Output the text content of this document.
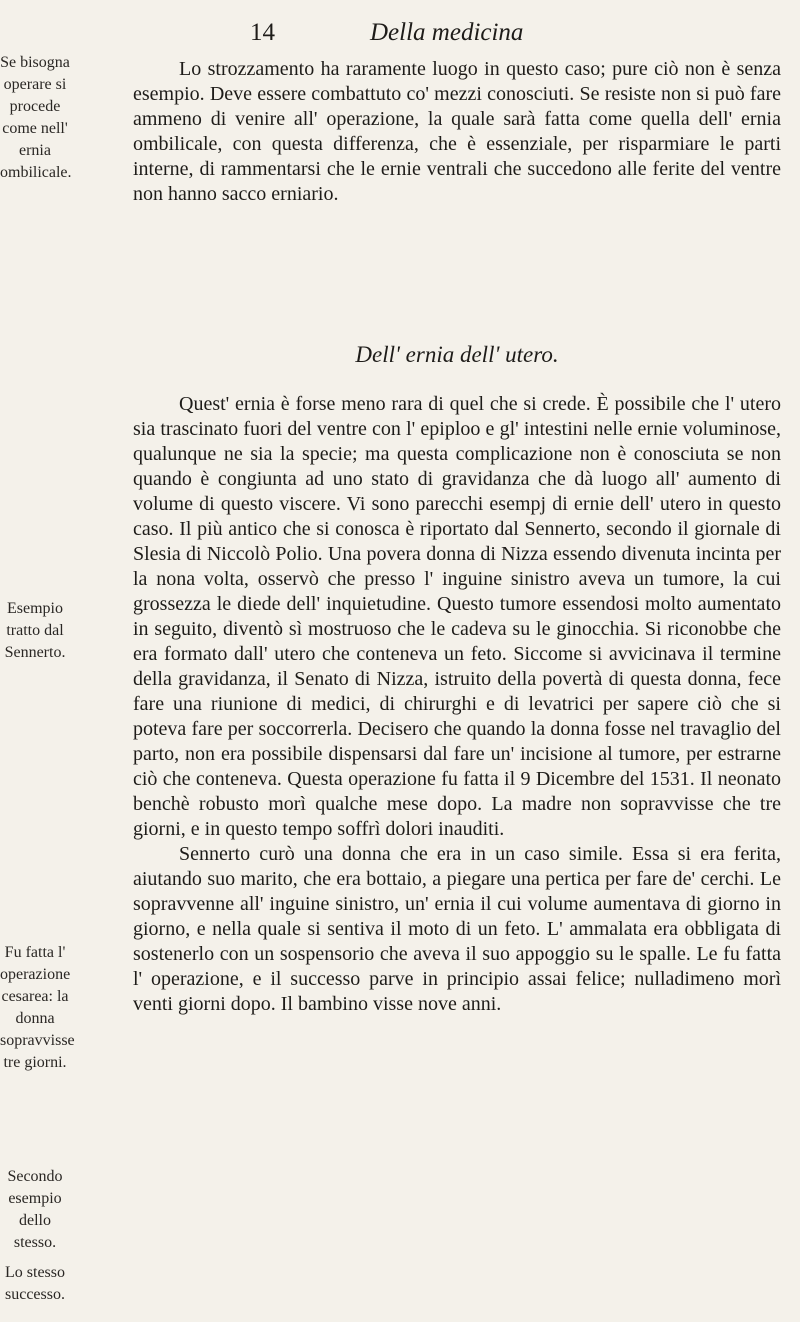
14	Della medicina
Se bisogna operare si procede come nell' ernia ombilicale.
Esempio tratto dal Sennerto.
Fu fatta l' operazione cesarea: la donna sopravvisse tre giorni.
Secondo esempio dello stesso.
Lo stesso successo.

Lo strozzamento ha raramente luogo in questo caso; pure ciò non è senza esempio. Deve essere combattuto co' mezzi conosciuti. Se resiste non si può fare ammeno di venire all' operazione, la quale sarà fatta come quella dell' ernia ombilicale, con questa differenza, che è essenziale, per risparmiare le parti interne, di rammentarsi che le ernie ventrali che succedono alle ferite del ventre non hanno sacco erniario.

Dell' ernia dell' utero.

Quest' ernia è forse meno rara di quel che si crede. È possibile che l' utero sia trascinato fuori del ventre con l' epiploo e gl' intestini nelle ernie voluminose, qualunque ne sia la specie; ma questa complicazione non è conosciuta se non quando è congiunta ad uno stato di gravidanza che dà luogo all' aumento di volume di questo viscere. Vi sono parecchi esempj di ernie dell' utero in questo caso. Il più antico che si conosca è riportato dal Sennerto, secondo il giornale di Slesia di Niccolò Polio. Una povera donna di Nizza essendo divenuta incinta per la nona volta, osservò che presso l' inguine sinistro aveva un tumore, la cui grossezza le diede dell' inquietudine. Questo tumore essendosi molto aumentato in seguito, diventò sì mostruoso che le cadeva su le ginocchia. Si riconobbe che era formato dall' utero che conteneva un feto. Siccome si avvicinava il termine della gravidanza, il Senato di Nizza, istruito della povertà di questa donna, fece fare una riunione di medici, di chirurghi e di levatrici per sapere ciò che si poteva fare per soccorrerla. Decisero che quando la donna fosse nel travaglio del parto, non era possibile dispensarsi dal fare un' incisione al tumore, per estrarne ciò che conteneva. Questa operazione fu fatta il 9 Dicembre del 1531. Il neonato benchè robusto morì qualche mese dopo. La madre non sopravvisse che tre giorni, e in questo tempo soffrì dolori inauditi.

Sennerto curò una donna che era in un caso simile. Essa si era ferita, aiutando suo marito, che era bottaio, a piegare una pertica per fare de' cerchi. Le sopravvenne all' inguine sinistro, un' ernia il cui volume aumentava di giorno in giorno, e nella quale si sentiva il moto di un feto. L' ammalata era obbligata di sostenerlo con un sospensorio che aveva il suo appoggio su le spalle. Le fu fatta l' operazione, e il successo parve in principio assai felice; nulladimeno morì venti giorni dopo. Il bambino visse nove anni.
